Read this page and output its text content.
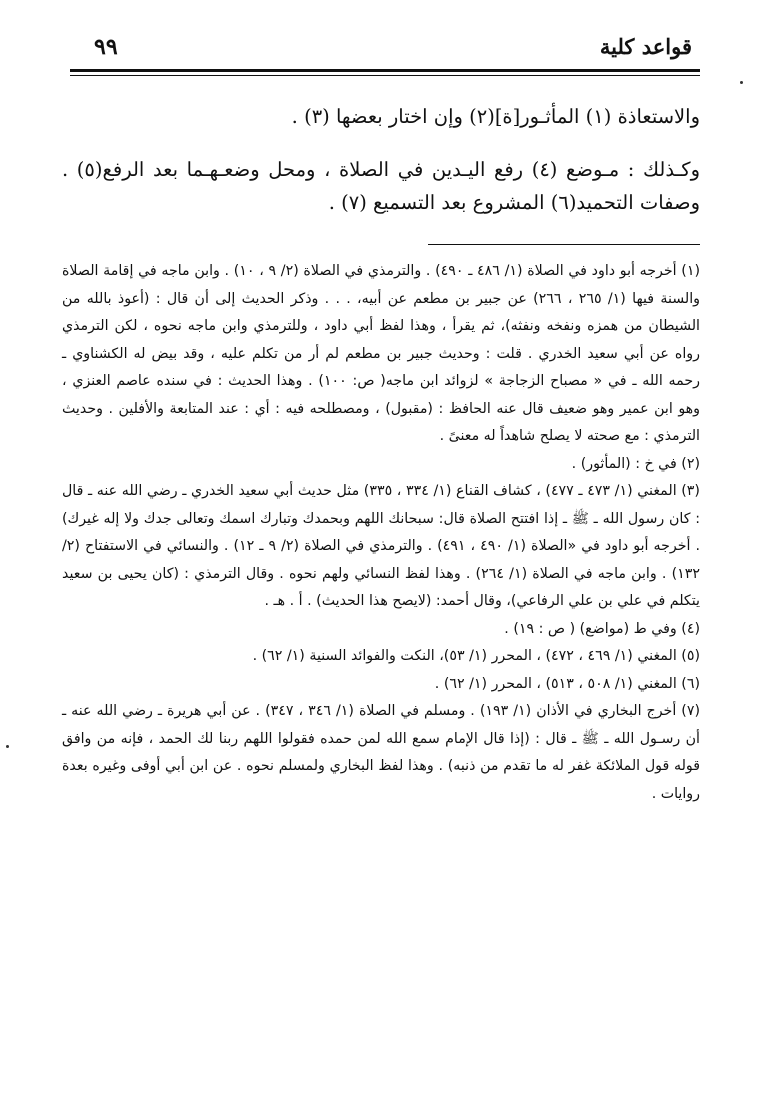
قواعد كلية
٩٩

والاستعاذة (١) المأثـور[ة](٢) وإن اختار بعضها (٣) .

وكـذلك : مـوضع (٤) رفع اليـدين في الصلاة ، ومحل وضعـهـما بعد الرفع(٥) . وصفات التحميد(٦) المشروع بعد التسميع (٧) .

(١) أخرجه أبو داود في الصلاة (١/ ٤٨٦ ـ ٤٩٠) . والترمذي في الصلاة (٢/ ٩ ، ١٠) . وابن ماجه في إقامة الصلاة والسنة فيها (١/ ٢٦٥ ، ٢٦٦) عن جبير بن مطعم عن أبيه، . . . وذكر الحديث إلى أن قال : (أعوذ بالله من الشيطان من همزه ونفخه ونفثه)، ثم يقرأ ، وهذا لفظ أبي داود ، وللترمذي وابن ماجه نحوه ، لكن الترمذي رواه عن أبي سعيد الخدري . قلت : وحديث جبير بن مطعم لم أر من تكلم عليه ، وقد بيض له الكشناوي ـ رحمه الله ـ في « مصباح الزجاجة » لزوائد ابن ماجه( ص: ١٠٠) . وهذا الحديث : في سنده عاصم العنزي ، وهو ابن عمير وهو ضعيف قال عنه الحافظ : (مقبول) ، ومصطلحه فيه : أي : عند المتابعة والأفلين . وحديث الترمذي : مع صحته لا يصلح شاهداً له معنىً .
(٢) في خ : (المأثور) .
(٣) المغني (١/ ٤٧٣ ـ ٤٧٧) ، كشاف القناع (١/ ٣٣٤ ، ٣٣٥) مثل حديث أبي سعيد الخدري ـ رضي الله عنه ـ قال : كان رسول الله ـ ﷺ ـ إذا افتتح الصلاة قال: سبحانك اللهم وبحمدك وتبارك اسمك وتعالى جدك ولا إله غيرك) . أخرجه أبو داود في «الصلاة (١/ ٤٩٠ ، ٤٩١) . والترمذي في الصلاة (٢/ ٩ ـ ١٢) . والنسائي في الاستفتاح (٢/ ١٣٢) . وابن ماجه في الصلاة (١/ ٢٦٤) . وهذا لفظ النسائي ولهم نحوه . وقال الترمذي : (كان يحيى بن سعيد يتكلم في علي بن علي الرفاعي)، وقال أحمد: (لايصح هذا الحديث) . أ . هـ .
(٤) وفي ط (مواضع) ( ص : ١٩) .
(٥) المغني (١/ ٤٦٩ ، ٤٧٢) ، المحرر (١/ ٥٣)، النكت والفوائد السنية (١/ ٦٢) .
(٦) المغني (١/ ٥٠٨ ، ٥١٣) ، المحرر (١/ ٦٢) .
(٧) أخرج البخاري في الأذان (١/ ١٩٣) . ومسلم في الصلاة (١/ ٣٤٦ ، ٣٤٧) . عن أبي هريرة ـ رضي الله عنه ـ أن رسـول الله ـ ﷺ ـ قال : (إذا قال الإمام سمع الله لمن حمده فقولوا اللهم ربنا لك الحمد ، فإنه من وافق قوله قول الملائكة غفر له ما تقدم من ذنبه) . وهذا لفظ البخاري ولمسلم نحوه . عن ابن أبي أوفى وغيره بعدة روايات .
